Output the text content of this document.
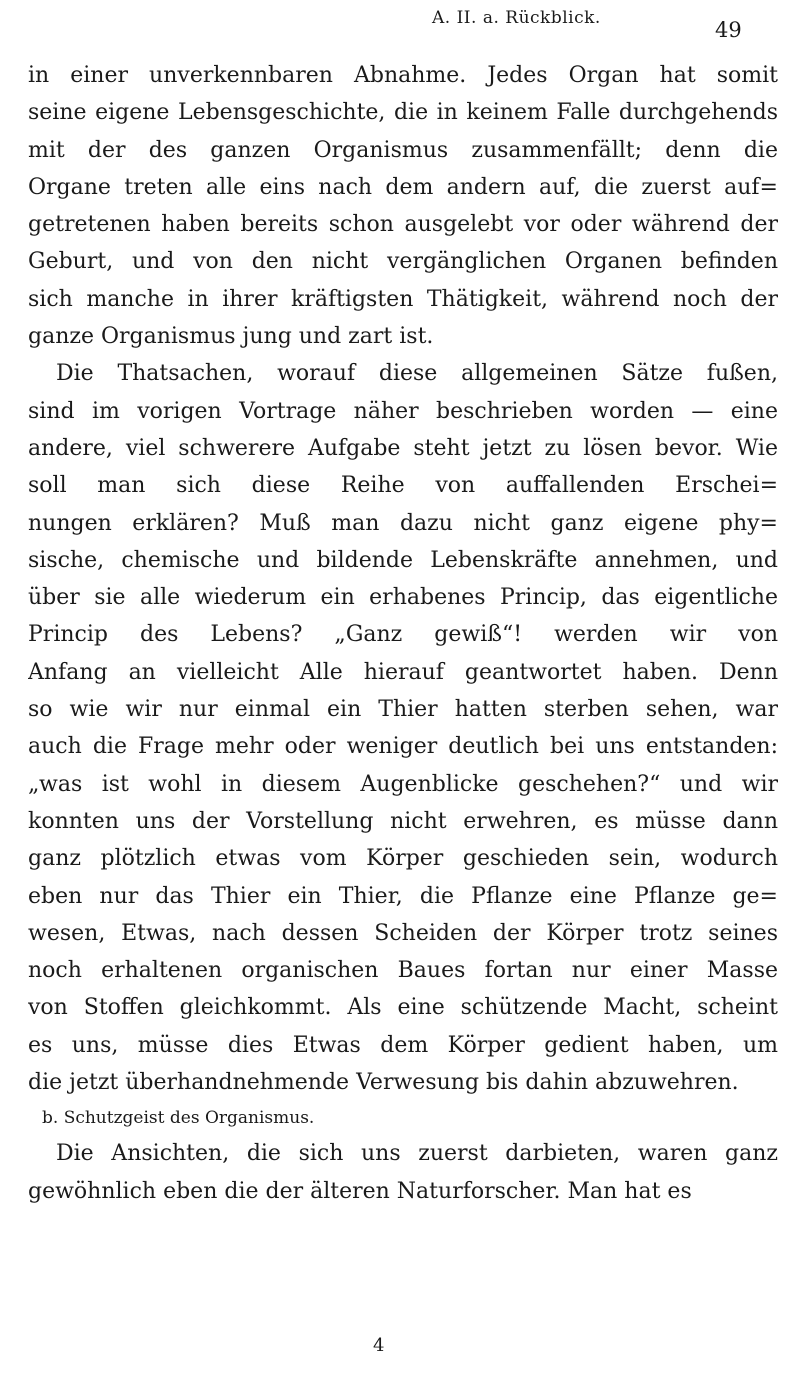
A. II. a. Rückblick.	49
in einer unverkennbaren Abnahme. Jedes Organ hat somit
seine eigene Lebensgeschichte, die in keinem Falle durchgehends
mit der des ganzen Organismus zusammenfällt; denn die
Organe treten alle eins nach dem andern auf, die zuerst auf=
getretenen haben bereits schon ausgelebt vor oder während der
Geburt, und von den nicht vergänglichen Organen befinden
sich manche in ihrer kräftigsten Thätigkeit, während noch der
ganze Organismus jung und zart ist.
Die Thatsachen, worauf diese allgemeinen Sätze fußen,
sind im vorigen Vortrage näher beschrieben worden — eine
andere, viel schwerere Aufgabe steht jetzt zu lösen bevor. Wie
soll man sich diese Reihe von auffallenden Erschei=
nungen erklären? Muß man dazu nicht ganz eigene phy=
sische, chemische und bildende Lebenskräfte annehmen, und
über sie alle wiederum ein erhabenes Princip, das eigentliche
Princip des Lebens? „Ganz gewiß“! werden wir von
Anfang an vielleicht Alle hierauf geantwortet haben. Denn
so wie wir nur einmal ein Thier hatten sterben sehen, war
auch die Frage mehr oder weniger deutlich bei uns entstanden:
„was ist wohl in diesem Augenblicke geschehen?“ und wir
konnten uns der Vorstellung nicht erwehren, es müsse dann
ganz plötzlich etwas vom Körper geschieden sein, wodurch
eben nur das Thier ein Thier, die Pflanze eine Pflanze ge=
wesen, Etwas, nach dessen Scheiden der Körper trotz seines
noch erhaltenen organischen Baues fortan nur einer Masse
von Stoffen gleichkommt. Als eine schützende Macht, scheint
es uns, müsse dies Etwas dem Körper gedient haben, um
die jetzt überhandnehmende Verwesung bis dahin abzuwehren.
b. Schutzgeist des Organismus.
Die Ansichten, die sich uns zuerst darbieten, waren ganz
gewöhnlich eben die der älteren Naturforscher. Man hat es
4
